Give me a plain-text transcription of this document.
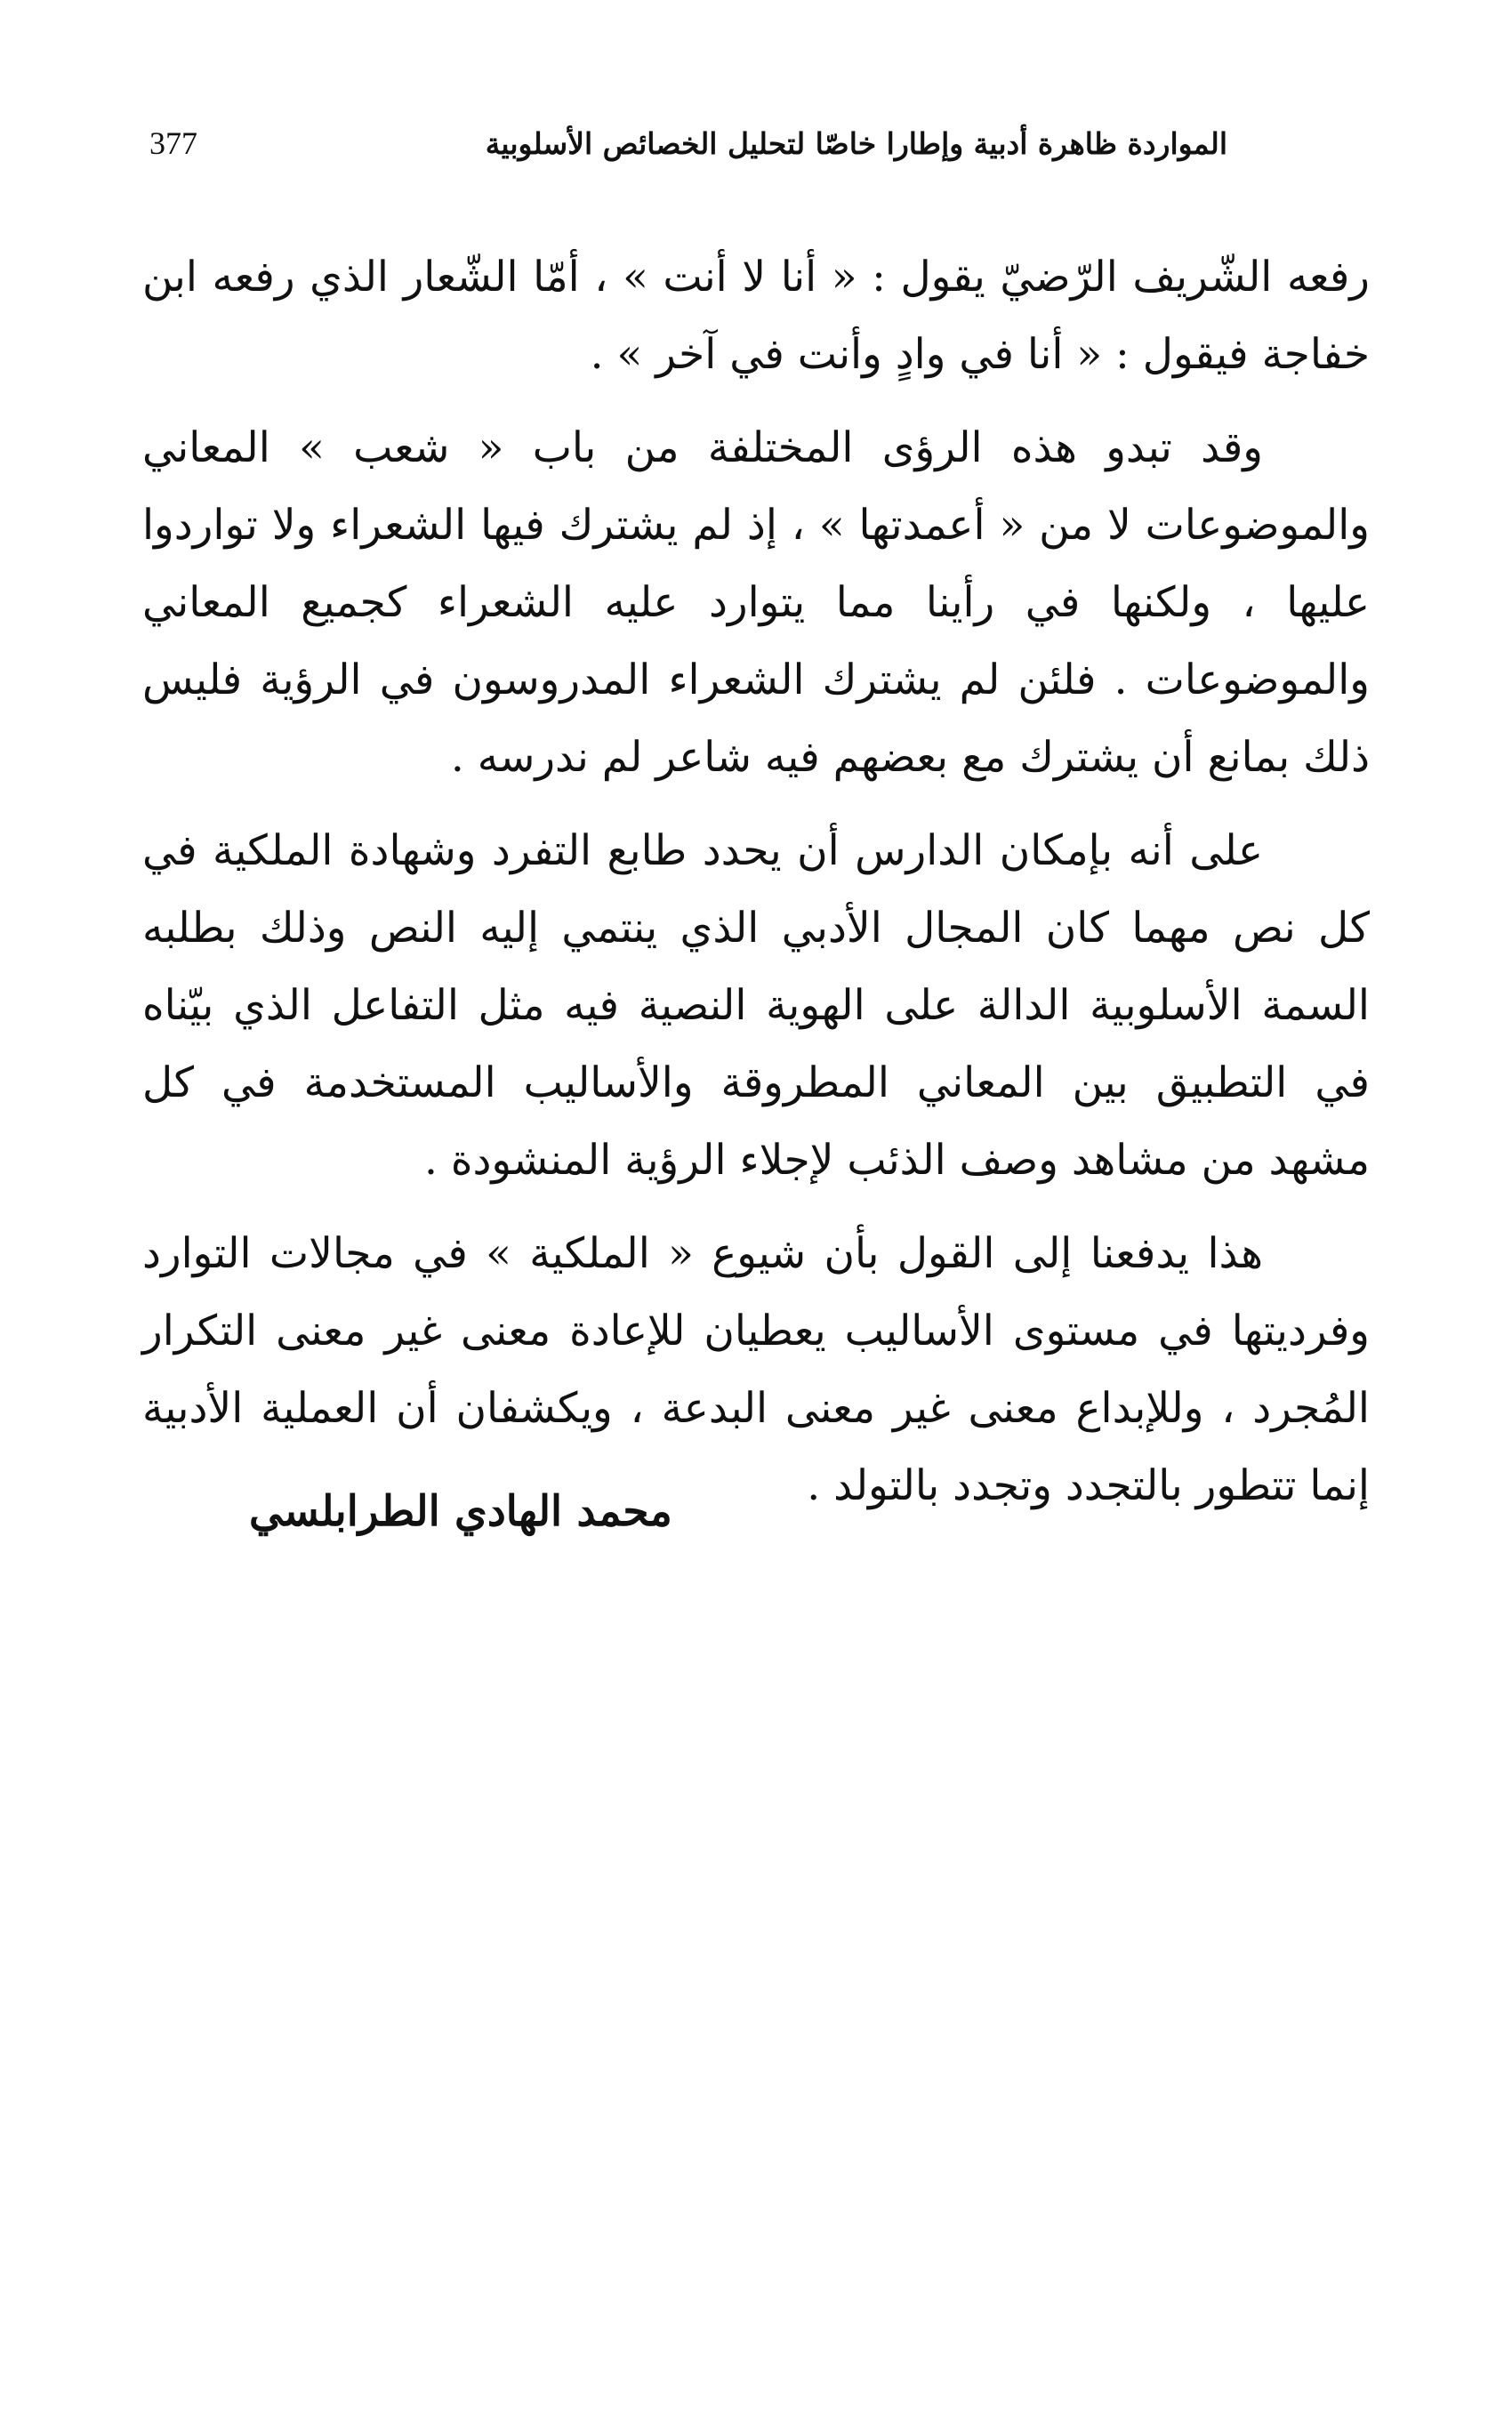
377	المواردة ظاهرة أدبية وإطارا خاصّا لتحليل الخصائص الأسلوبية

رفعه الشّريف الرّضيّ يقول : « أنا لا أنت » ، أمّا الشّعار الذي رفعه ابن خفاجة فيقول : « أنا في وادٍ وأنت في آخر » .

وقد تبدو هذه الرؤى المختلفة من باب « شعب » المعاني والموضوعات لا من « أعمدتها » ، إذ لم يشترك فيها الشعراء ولا تواردوا عليها ، ولكنها في رأينا مما يتوارد عليه الشعراء كجميع المعاني والموضوعات . فلئن لم يشترك الشعراء المدروسون في الرؤية فليس ذلك بمانع أن يشترك مع بعضهم فيه شاعر لم ندرسه .

على أنه بإمكان الدارس أن يحدد طابع التفرد وشهادة الملكية في كل نص مهما كان المجال الأدبي الذي ينتمي إليه النص وذلك بطلبه السمة الأسلوبية الدالة على الهوية النصية فيه مثل التفاعل الذي بيّناه في التطبيق بين المعاني المطروقة والأساليب المستخدمة في كل مشهد من مشاهد وصف الذئب لإجلاء الرؤية المنشودة .

هذا يدفعنا إلى القول بأن شيوع « الملكية » في مجالات التوارد وفرديتها في مستوى الأساليب يعطيان للإعادة معنى غير معنى التكرار المُجرد ، وللإبداع معنى غير معنى البدعة ، ويكشفان أن العملية الأدبية إنما تتطور بالتجدد وتجدد بالتولد .

محمد الهادي الطرابلسي
